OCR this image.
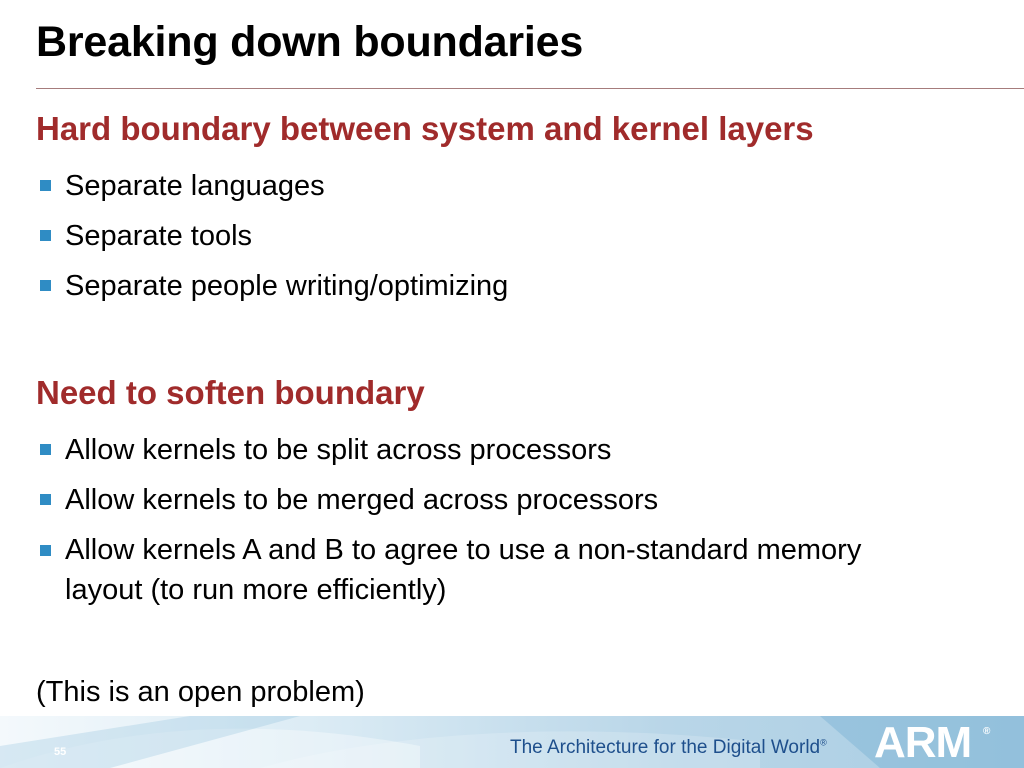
Breaking down boundaries
Hard boundary between system and kernel layers
Separate languages
Separate tools
Separate people writing/optimizing
Need to soften boundary
Allow kernels to be split across processors
Allow kernels to be merged across processors
Allow kernels A and B to agree to use a non-standard memory layout (to run more efficiently)
(This is an open problem)
55	The Architecture for the Digital World® ARM ®
